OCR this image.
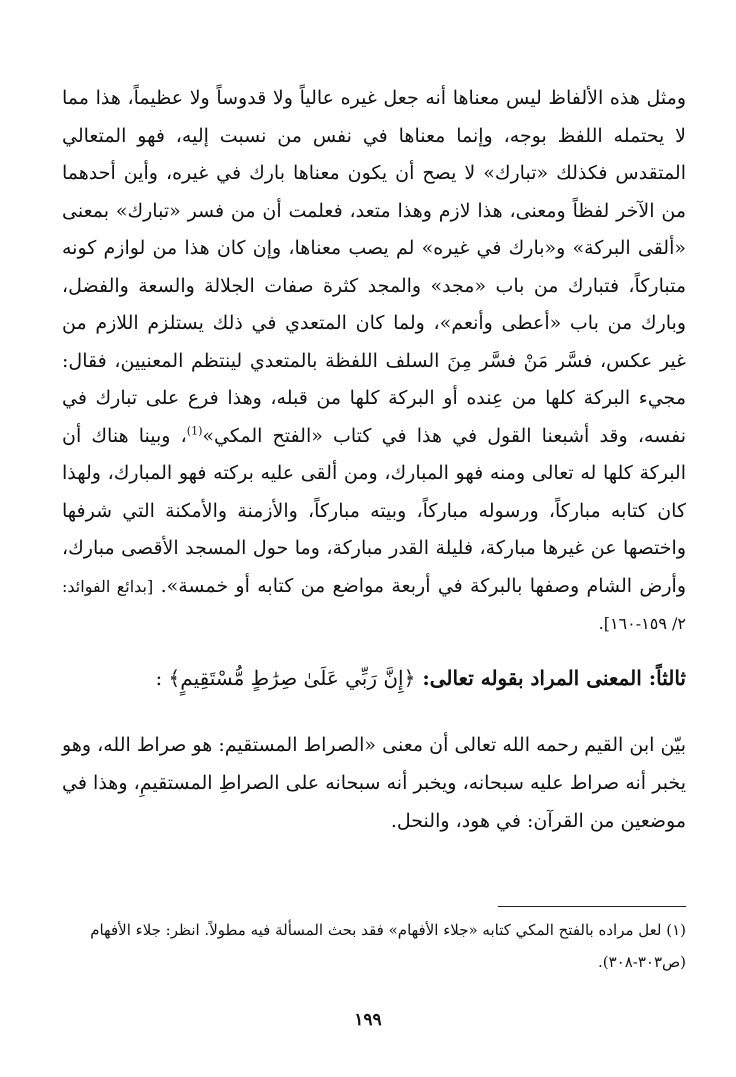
ومثل هذه الألفاظ ليس معناها أنه جعل غيره عالياً ولا قدوساً ولا عظيماً، هذا مما لا يحتمله اللفظ بوجه، وإنما معناها في نفس من نسبت إليه، فهو المتعالي المتقدس فكذلك «تبارك» لا يصح أن يكون معناها بارك في غيره، وأين أحدهما من الآخر لفظاً ومعنى، هذا لازم وهذا متعد، فعلمت أن من فسر «تبارك» بمعنى «ألقى البركة» و«بارك في غيره» لم يصب معناها، وإن كان هذا من لوازم كونه متباركاً، فتبارك من باب «مجد» والمجد كثرة صفات الجلالة والسعة والفضل، وبارك من باب «أعطى وأنعم»، ولما كان المتعدي في ذلك يستلزم اللازم من غير عكس، فسَّر مَنْ فسَّر مِنَ السلف اللفظة بالمتعدي لينتظم المعنيين، فقال: مجيء البركة كلها من عِنده أو البركة كلها من قبله، وهذا فرع على تبارك في نفسه، وقد أشبعنا القول في هذا في كتاب «الفتح المكي»$^{(1)}$، وبينا هناك أن البركة كلها له تعالى ومنه فهو المبارك، ومن ألقى عليه بركته فهو المبارك، ولهذا كان كتابه مباركاً، ورسوله مباركاً، وبيته مباركاً، والأزمنة والأمكنة التي شرفها واختصها عن غيرها مباركة، فليلة القدر مباركة، وما حول المسجد الأقصى مبارك، وأرض الشام وصفها بالبركة في أربعة مواضع من كتابه أو خمسة». [بدائع الفوائد: ٢/ ١٥٩-١٦٠].

ثالثاً: المعنى المراد بقوله تعالى: ﴿إِنَّ رَبِّي عَلَىٰ صِرَٰطٍ مُّسْتَقِيمٍ﴾ :

بيّن ابن القيم رحمه الله تعالى أن معنى «الصراط المستقيم: هو صراط الله، وهو يخبر أنه صراط عليه سبحانه، ويخبر أنه سبحانه على الصراطِ المستقيمِ، وهذا في موضعين من القرآن: في هود، والنحل.

(١) لعل مراده بالفتح المكي كتابه «جلاء الأفهام» فقد بحث المسألة فيه مطولاً. انظر: جلاء الأفهام

(ص٣٠٣-٣٠٨).

١٩٩
